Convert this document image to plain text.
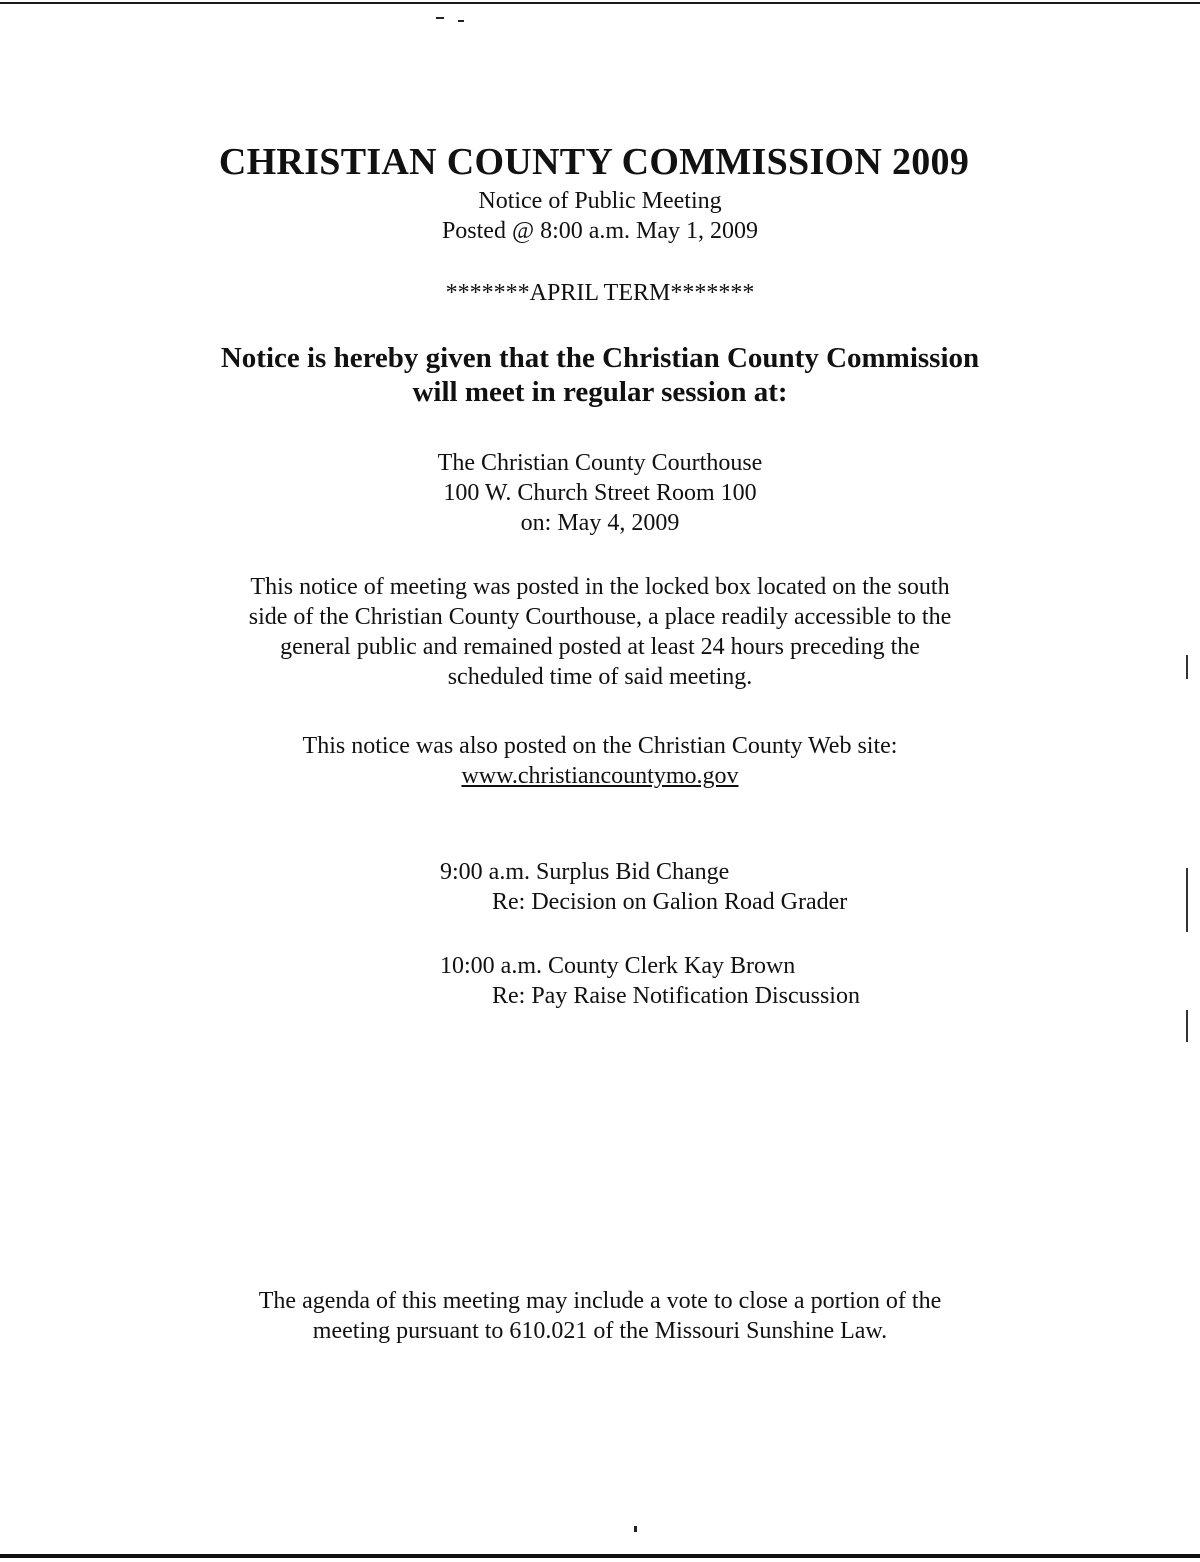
CHRISTIAN COUNTY COMMISSION 2009
Notice of Public Meeting
Posted @ 8:00 a.m. May 1, 2009
*******APRIL TERM*******
Notice is hereby given that the Christian County Commission
will meet in regular session at:
The Christian County Courthouse
100 W. Church Street Room 100
on: May 4, 2009
This notice of meeting was posted in the locked box located on the south
side of the Christian County Courthouse, a place readily accessible to the
general public and remained posted at least 24 hours preceding the
scheduled time of said meeting.
This notice was also posted on the Christian County Web site:
www.christiancountymo.gov
9:00 a.m. Surplus Bid Change
Re: Decision on Galion Road Grader
10:00 a.m. County Clerk Kay Brown
Re: Pay Raise Notification Discussion
The agenda of this meeting may include a vote to close a portion of the
meeting pursuant to 610.021 of the Missouri Sunshine Law.
